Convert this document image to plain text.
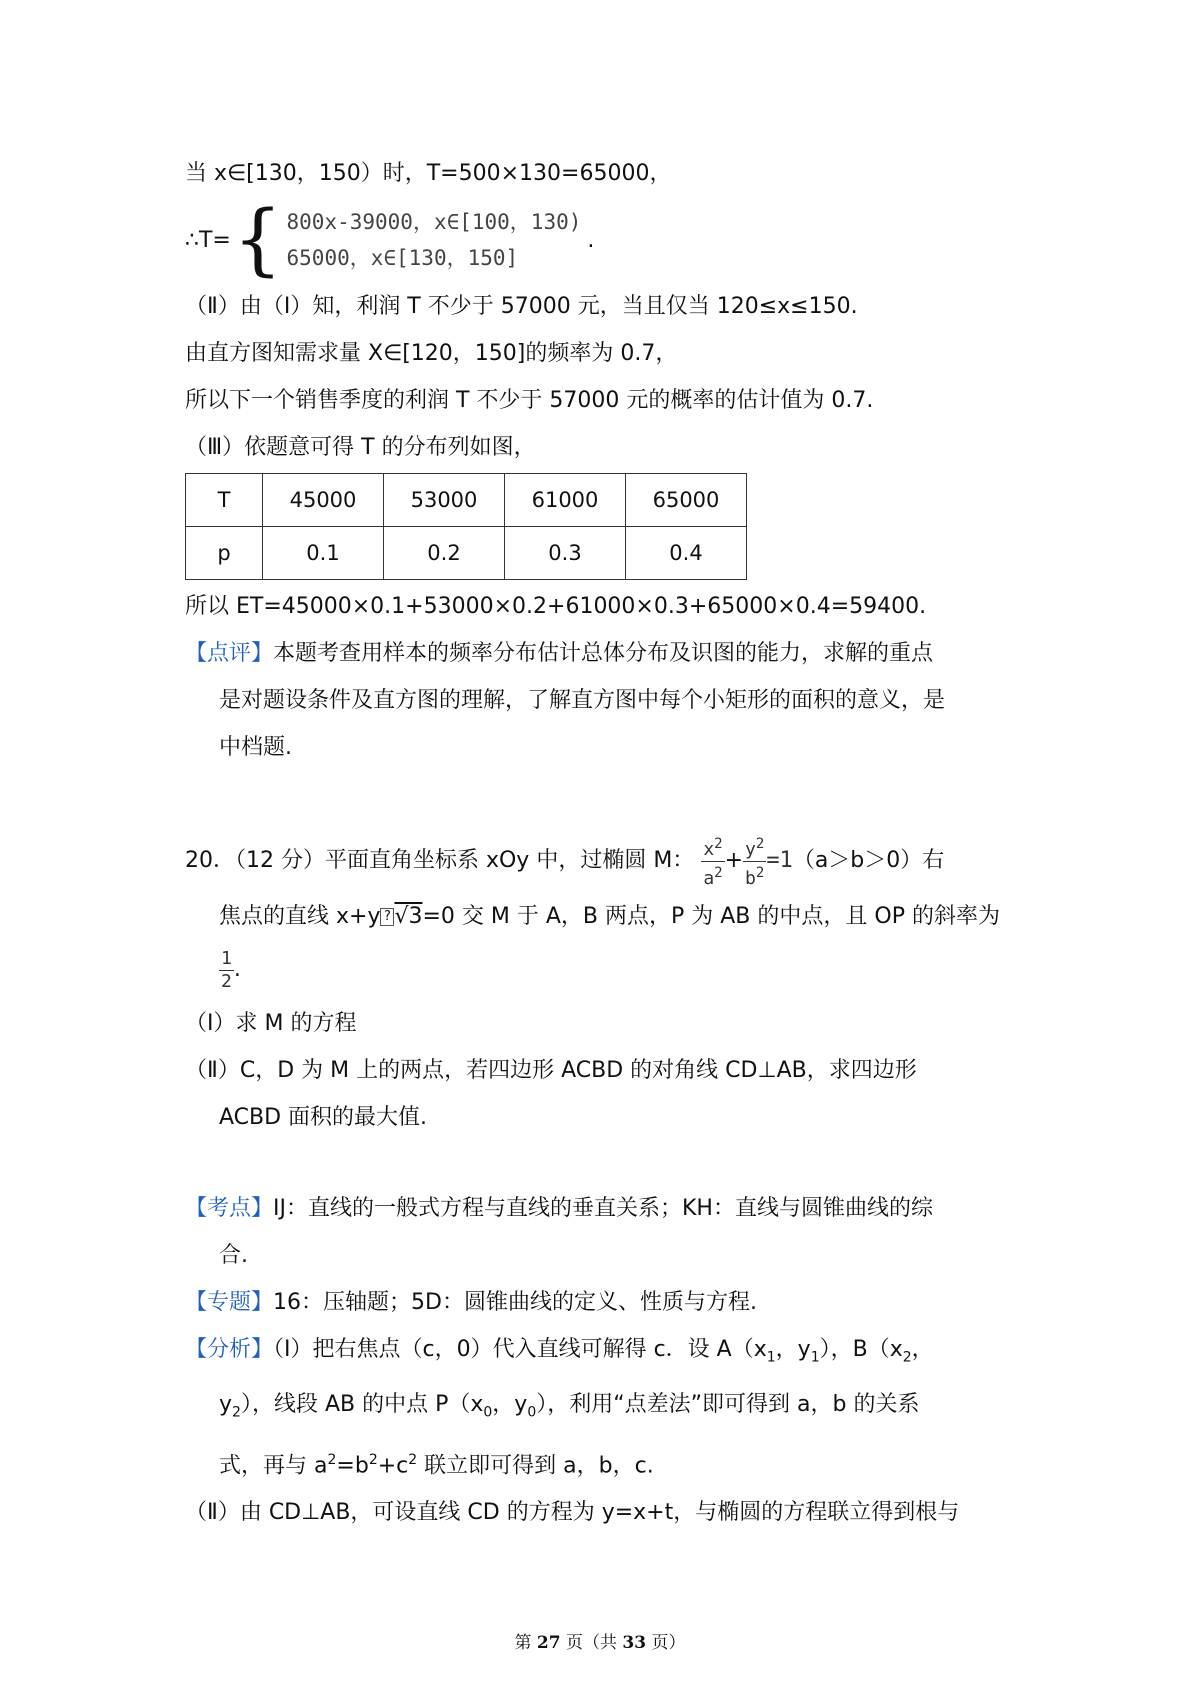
当 x∈[130，150）时，T=500×130=65000，

∴T= { 800x-39000，x∈[100，130)
65000，x∈[130，150]
.

（Ⅱ）由（Ⅰ）知，利润 T 不少于 57000 元，当且仅当 120≤x≤150.

由直方图知需求量 X∈[120，150]的频率为 0.7，

所以下一个销售季度的利润 T 不少于 57000 元的概率的估计值为 0.7.

（Ⅲ）依题意可得 T 的分布列如图，

T	45000	53000	61000	65000
p	0.1	0.2	0.3	0.4

所以 ET=45000×0.1+53000×0.2+61000×0.3+65000×0.4=59400.

【点评】本题考查用样本的频率分布估计总体分布及识图的能力，求解的重点

是对题设条件及直方图的理解，了解直方图中每个小矩形的面积的意义，是

中档题.

20．（12 分）平面直角坐标系 xOy 中，过椭圆 M： $\frac{x^2}{a^2} + \frac{y^2}{b^2} =1(a>b>0)$右

焦点的直线 x+y ? √3=0 交 M 于 A，B 两点，P 为 AB 的中点，且 OP 的斜率为

$\frac{1}{2}$ .

（Ⅰ）求 M 的方程

（Ⅱ）C，D 为 M 上的两点，若四边形 ACBD 的对角线 CD⊥AB，求四边形

ACBD 面积的最大值.

【考点】IJ：直线的一般式方程与直线的垂直关系；KH：直线与圆锥曲线的综

合.

【专题】16：压轴题；5D：圆锥曲线的定义、性质与方程.

【分析】（Ⅰ）把右焦点（c，0）代入直线可解得 c．设 $A(x_1$，$y_1$），$B(x_2$，

$y_2$），线段 AB 的中点 $P(x_0$，$y_0$），利用“点差法”即可得到 a，b 的关系

式，再与 $a^2=b^2+c^2$ 联立即可得到 a，b，c.

（Ⅱ）由 CD⊥AB，可设直线 CD 的方程为 y=x+t，与椭圆的方程联立得到根与

第 27 页（共 33 页）
